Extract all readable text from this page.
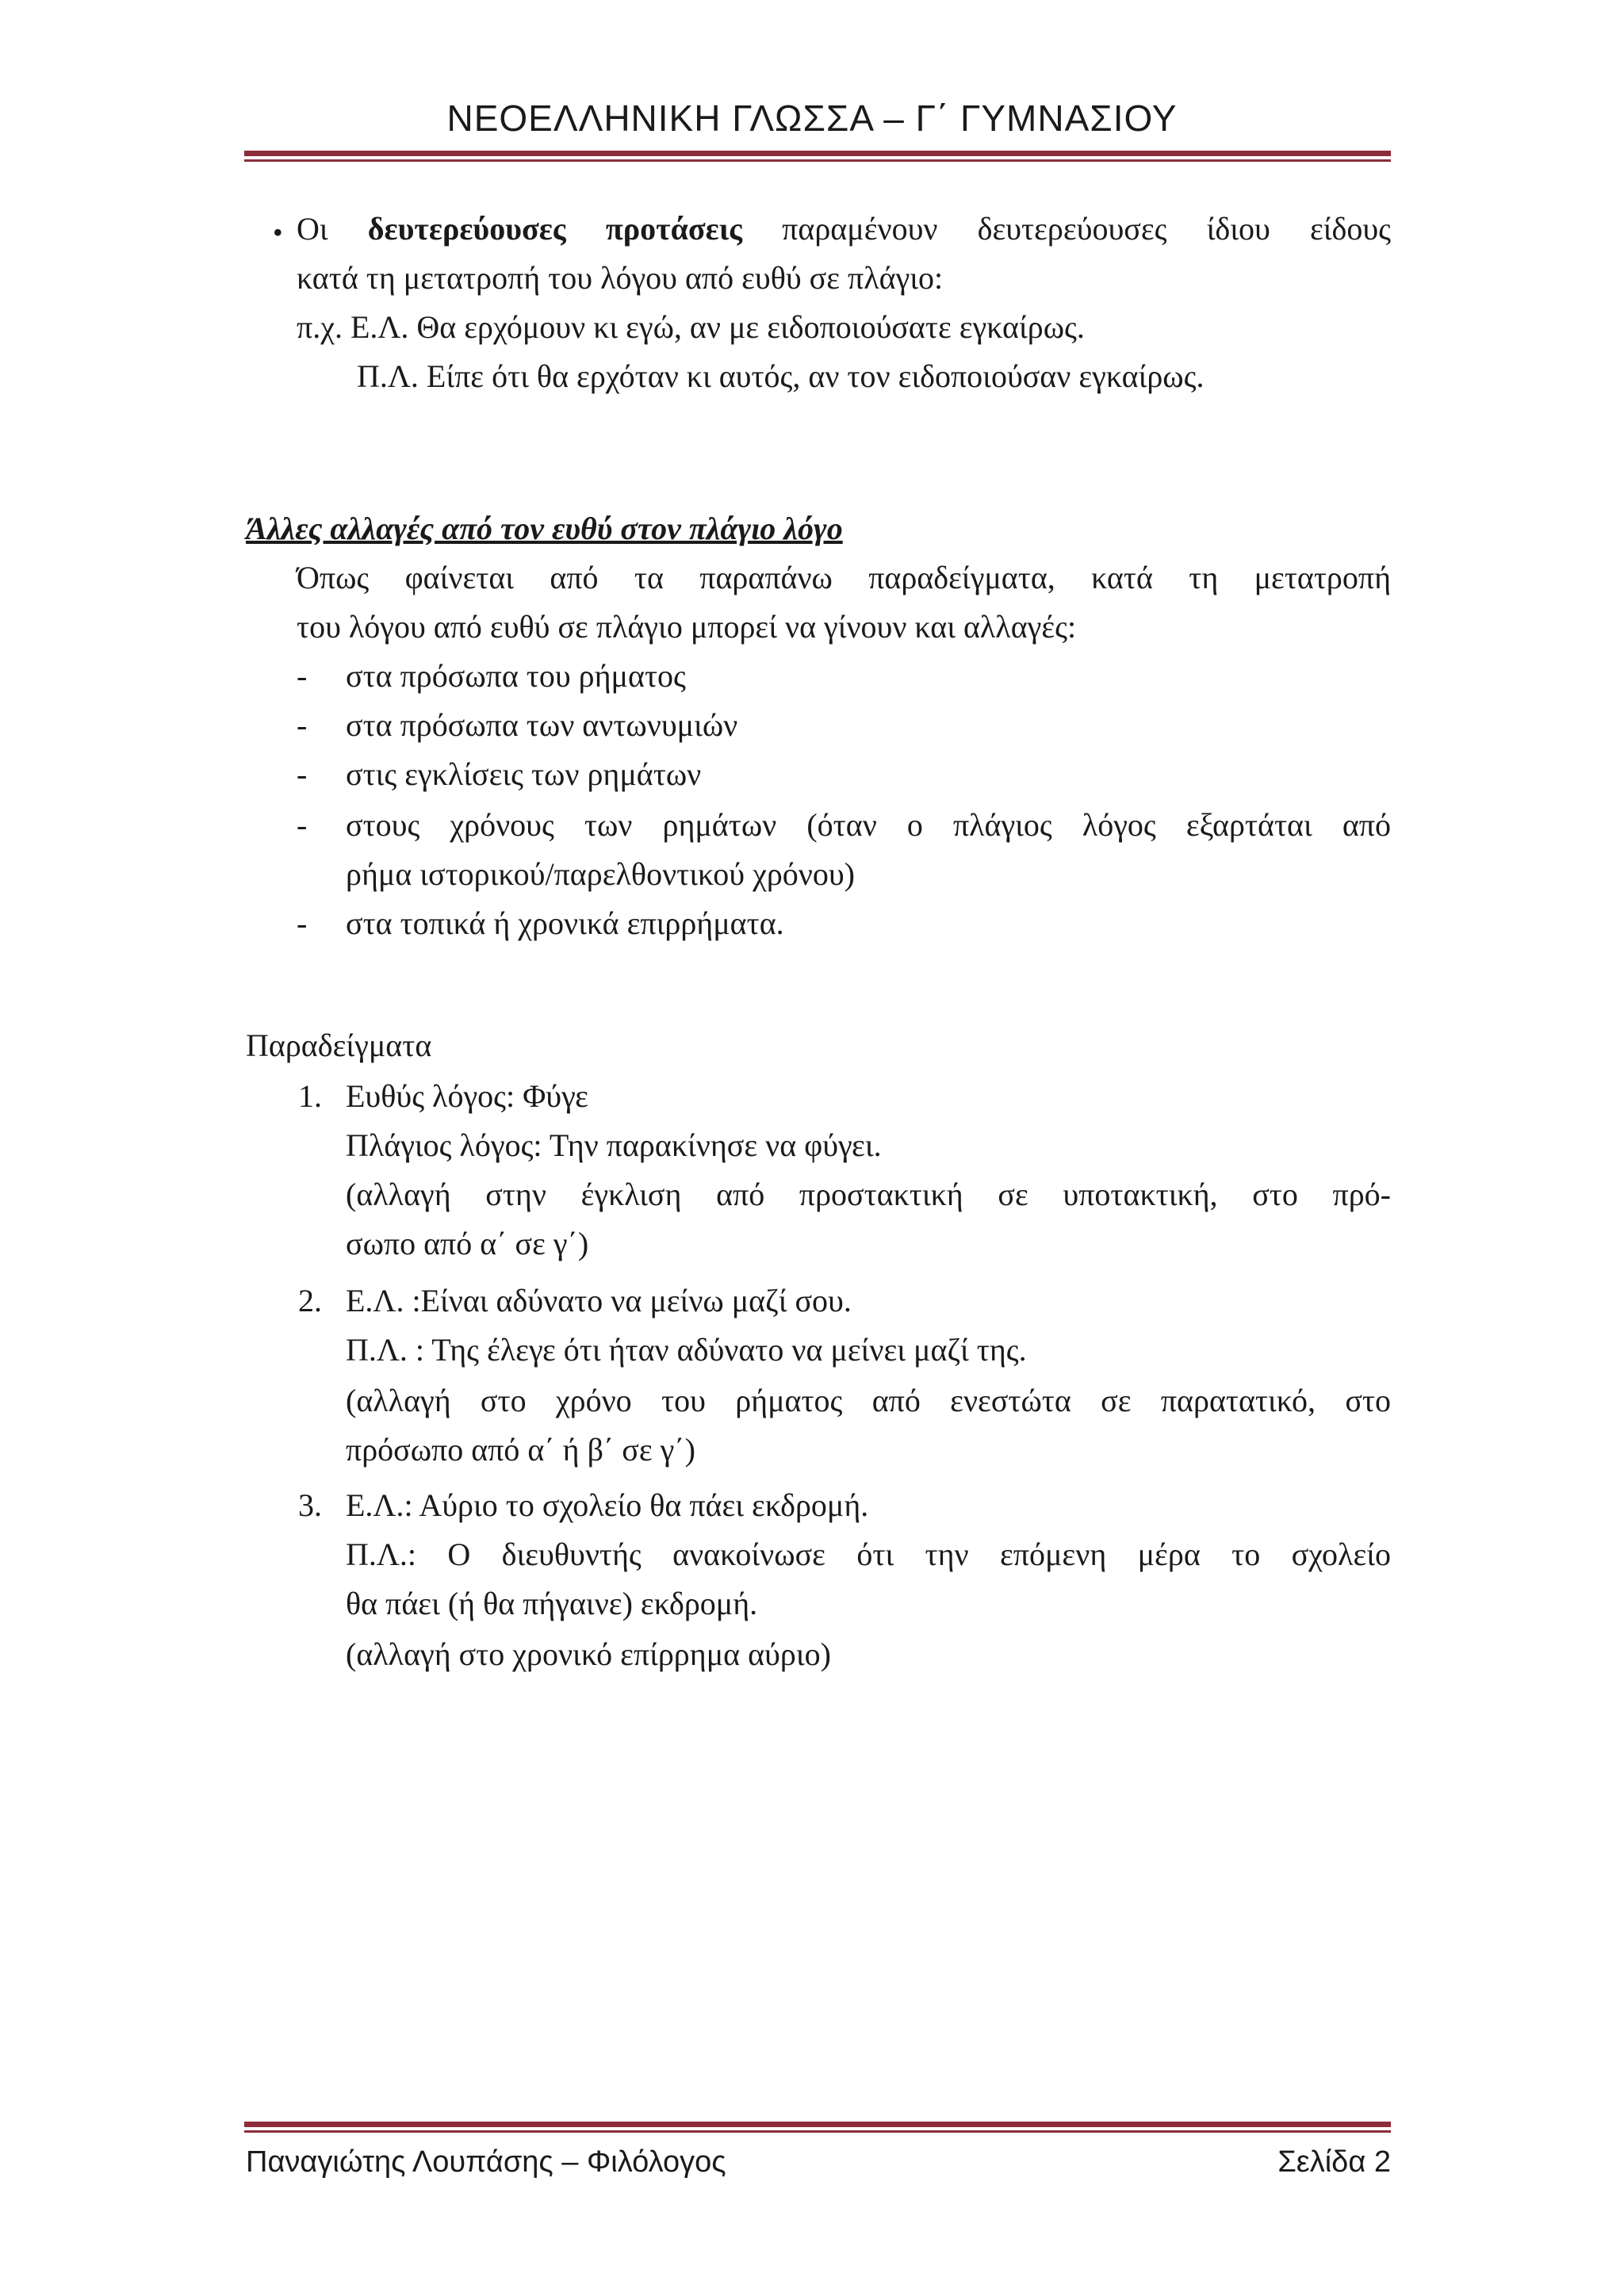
ΝΕΟΕΛΛΗΝΙΚΗ ΓΛΩΣΣΑ – Γ΄ ΓΥΜΝΑΣΙΟΥ
• Οι δευτερεύουσες προτάσεις παραμένουν δευτερεύουσες ίδιου είδους
κατά τη μετατροπή του λόγου από ευθύ σε πλάγιο:
π.χ. Ε.Λ. Θα ερχόμουν κι εγώ, αν με ειδοποιούσατε εγκαίρως.
Π.Λ. Είπε ότι θα ερχόταν κι αυτός, αν τον ειδοποιούσαν εγκαίρως.
Άλλες αλλαγές από τον ευθύ στον πλάγιο λόγο
Όπως φαίνεται από τα παραπάνω παραδείγματα, κατά τη μετατροπή
του λόγου από ευθύ σε πλάγιο μπορεί να γίνουν και αλλαγές:
- στα πρόσωπα του ρήματος
- στα πρόσωπα των αντωνυμιών
- στις εγκλίσεις των ρημάτων
- στους χρόνους των ρημάτων (όταν ο πλάγιος λόγος εξαρτάται από
ρήμα ιστορικού/παρελθοντικού χρόνου)
- στα τοπικά ή χρονικά επιρρήματα.
Παραδείγματα
1. Ευθύς λόγος: Φύγε
Πλάγιος λόγος: Την παρακίνησε να φύγει.
(αλλαγή στην έγκλιση από προστακτική σε υποτακτική, στο πρό-
σωπο από α΄ σε γ΄)
2. Ε.Λ. :Είναι αδύνατο να μείνω μαζί σου.
Π.Λ. : Της έλεγε ότι ήταν αδύνατο να μείνει μαζί της.
(αλλαγή στο χρόνο του ρήματος από ενεστώτα σε παρατατικό, στο
πρόσωπο από α΄ ή β΄ σε γ΄)
3. Ε.Λ.: Αύριο το σχολείο θα πάει εκδρομή.
Π.Λ.: Ο διευθυντής ανακοίνωσε ότι την επόμενη μέρα το σχολείο
θα πάει (ή θα πήγαινε) εκδρομή.
(αλλαγή στο χρονικό επίρρημα αύριο)
Παναγιώτης Λουπάσης – Φιλόλογος	Σελίδα 2
